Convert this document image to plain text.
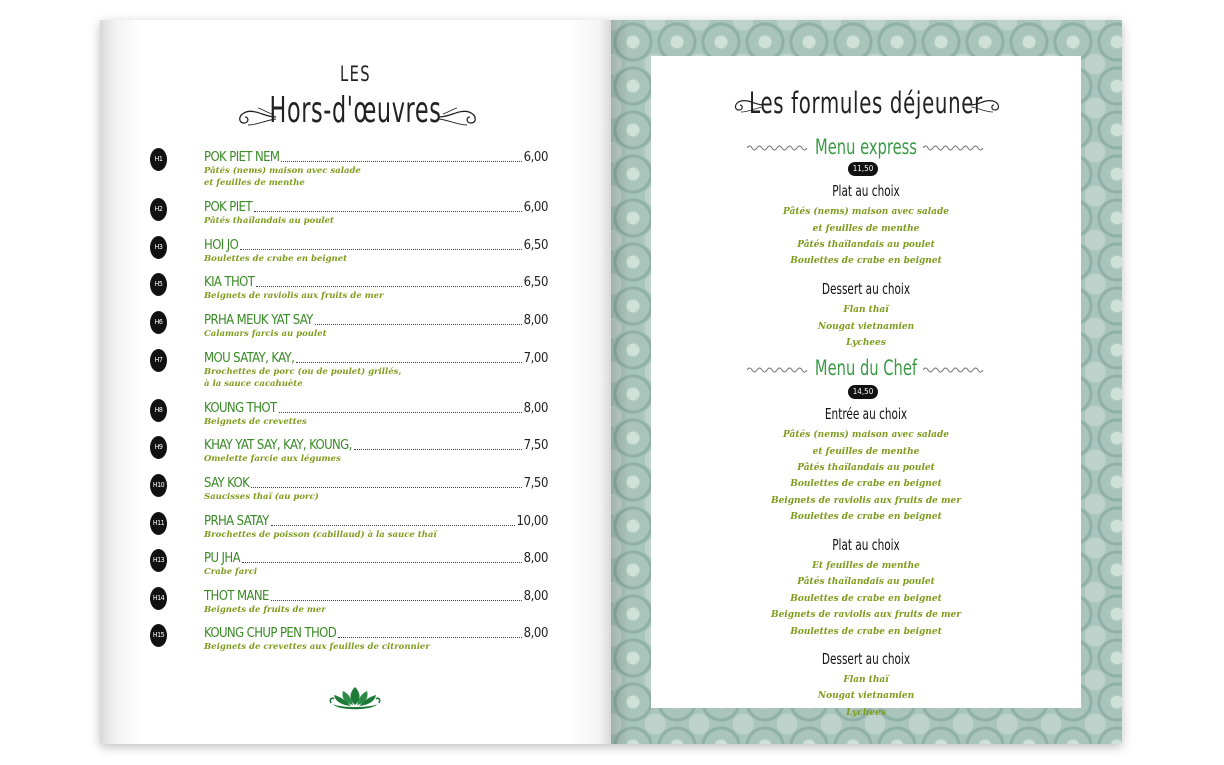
LES
Hors-d'œuvres
H1	POK PIET NEM	6,00
Pâtés (nems) maison avec salade
et feuilles de menthe
H2	POK PIET	6,00
Pâtés thaïlandais au poulet
H3	HOI JO	6,50
Boulettes de crabe en beignet
H5	KIA THOT	6,50
Beignets de raviolis aux fruits de mer
H6	PRHA MEUK YAT SAY	8,00
Calamars farcis au poulet
H7	MOU SATAY, KAY,	7,00
Brochettes de porc (ou de poulet) grillés,
à la sauce cacahuète
H8	KOUNG THOT	8,00
Beignets de crevettes
H9	KHAY YAT SAY, KAY, KOUNG,	7,50
Omelette farcie aux légumes
H10	SAY KOK	7,50
Saucisses thaï (au porc)
H11	PRHA SATAY	10,00
Brochettes de poisson (cabillaud) à la sauce thaï
H13	PU JHA	8,00
Crabe farci
H14	THOT MANE	8,00
Beignets de fruits de mer
H15	KOUNG CHUP PEN THOD	8,00
Beignets de crevettes aux feuilles de citronnier
Les formules déjeuner
Menu express
11,50
Plat au choix
Pâtés (nems) maison avec salade
et feuilles de menthe
Pâtés thaïlandais au poulet
Boulettes de crabe en beignet
Dessert au choix
Flan thaï
Nougat vietnamien
Lychees
Menu du Chef
14,50
Entrée au choix
Pâtés (nems) maison avec salade
et feuilles de menthe
Pâtés thaïlandais au poulet
Boulettes de crabe en beignet
Beignets de raviolis aux fruits de mer
Boulettes de crabe en beignet
Plat au choix
Et feuilles de menthe
Pâtés thaïlandais au poulet
Boulettes de crabe en beignet
Beignets de raviolis aux fruits de mer
Boulettes de crabe en beignet
Dessert au choix
Flan thaï
Nougat vietnamien
Lychees
